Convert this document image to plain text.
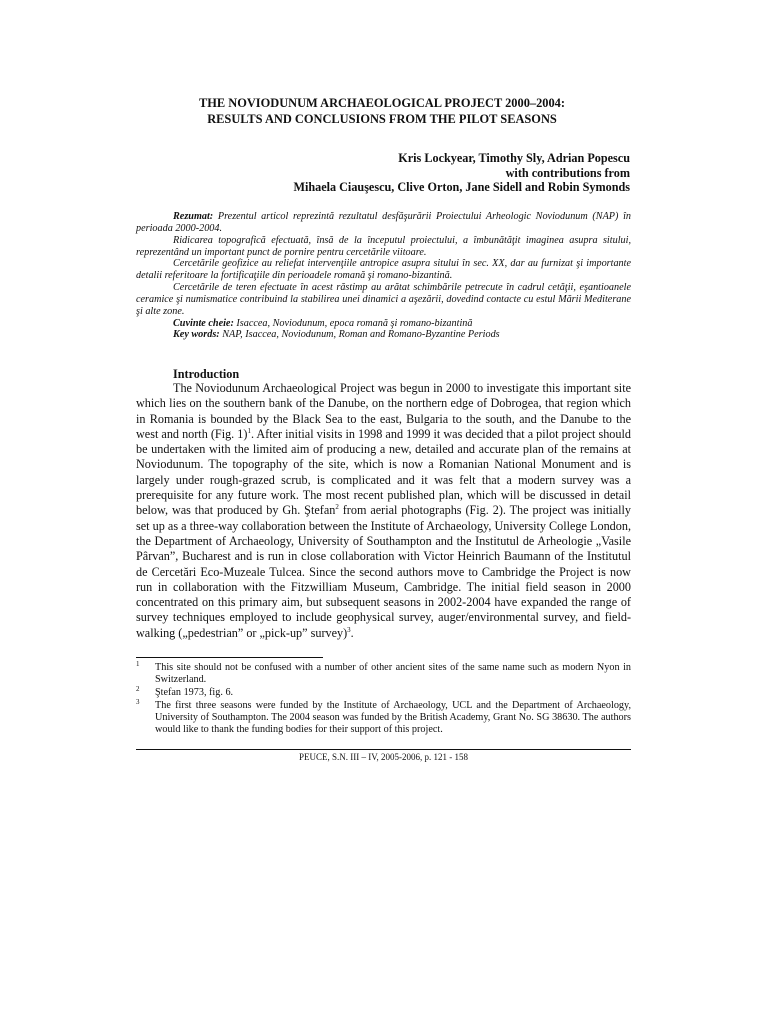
THE NOVIODUNUM ARCHAEOLOGICAL PROJECT 2000–2004:
RESULTS AND CONCLUSIONS FROM THE PILOT SEASONS
Kris Lockyear, Timothy Sly, Adrian Popescu
with contributions from
Mihaela Ciauşescu, Clive Orton, Jane Sidell and Robin Symonds

Rezumat: Prezentul articol reprezintă rezultatul desfăşurării Proiectului Arheologic Noviodunum (NAP) în perioada 2000-2004.

Ridicarea topografică efectuată, însă de la începutul proiectului, a îmbunătăţit imaginea asupra sitului, reprezentând un important punct de pornire pentru cercetările viitoare.

Cercetările geofizice au reliefat intervenţiile antropice asupra sitului în sec. XX, dar au furnizat şi importante detalii referitoare la fortificaţiile din perioadele romană şi romano-bizantină.

Cercetările de teren efectuate în acest răstimp au arătat schimbările petrecute în cadrul cetăţii, eşantioanele ceramice şi numismatice contribuind la stabilirea unei dinamici a aşezării, dovedind contacte cu estul Mării Mediterane şi alte zone.

Cuvinte cheie: Isaccea, Noviodunum, epoca romană şi romano-bizantină

Key words: NAP, Isaccea, Noviodunum, Roman and Romano-Byzantine Periods

Introduction

The Noviodunum Archaeological Project was begun in 2000 to investigate this important site which lies on the southern bank of the Danube, on the northern edge of Dobrogea, that region which in Romania is bounded by the Black Sea to the east, Bulgaria to the south, and the Danube to the west and north (Fig. 1)$^1$. After initial visits in 1998 and 1999 it was decided that a pilot project should be undertaken with the limited aim of producing a new, detailed and accurate plan of the remains at Noviodunum. The topography of the site, which is now a Romanian National Monument and is largely under rough-grazed scrub, is complicated and it was felt that a modern survey was a prerequisite for any future work. The most recent published plan, which will be discussed in detail below, was that produced by Gh. Ştefan$^2$ from aerial photographs (Fig. 2). The project was initially set up as a three-way collaboration between the Institute of Archaeology, University College London, the Department of Archaeology, University of Southampton and the Institutul de Arheologie „Vasile Pârvan”, Bucharest and is run in close collaboration with Victor Heinrich Baumann of the Institutul de Cercetări Eco-Muzeale Tulcea. Since the second authors move to Cambridge the Project is now run in collaboration with the Fitzwilliam Museum, Cambridge. The initial field season in 2000 concentrated on this primary aim, but subsequent seasons in 2002-2004 have expanded the range of survey techniques employed to include geophysical survey, auger/environmental survey, and field-walking („pedestrian” or „pick-up” survey)$^3$.

1 This site should not be confused with a number of other ancient sites of the same name such as modern Nyon in Switzerland.
2 Ştefan 1973, fig. 6.
3 The first three seasons were funded by the Institute of Archaeology, UCL and the Department of Archaeology, University of Southampton. The 2004 season was funded by the British Academy, Grant No. SG 38630. The authors would like to thank the funding bodies for their support of this project.
PEUCE, S.N. III – IV, 2005-2006, p. 121 - 158
